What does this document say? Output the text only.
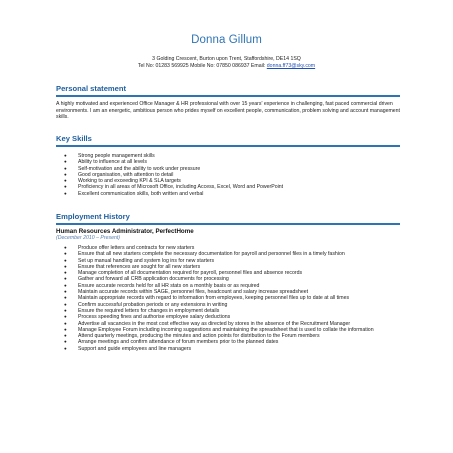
Donna Gillum
3 Golding Crescent, Burton upon Trent, Staffordshire, DE14 1SQ
Tel No: 01283 569925 Mobile No: 07850 086937 Email: donna.ff73@sky.com
Personal statement
A highly motivated and experienced Office Manager & HR professional with over 15 years' experience in challenging, fast paced commercial driven environments. I am an energetic, ambitious person who prides myself on excellent people, communication, problem solving and account management skills.
Key Skills
● Strong people management skills
● Ability to influence at all levels
● Self-motivation and the ability to work under pressure
● Good organisation, with attention to detail
● Working to and exceeding KPI & SLA targets
● Proficiency in all areas of Microsoft Office, including Access, Excel, Word and PowerPoint
● Excellent communication skills, both written and verbal
Employment History
Human Resources Administrator, PerfectHome
(December 2010 – Present)
● Produce offer letters and contracts for new starters
● Ensure that all new starters complete the necessary documentation for payroll and personnel files in a timely fashion
● Set up manual handling and system log ins for new starters
● Ensure that references are sought for all new starters
● Manage completion of all documentation required for payroll, personnel files and absence records
● Gather and forward all CRB application documents for processing
● Ensure accurate records held for all HR stats on a monthly basis or as required
● Maintain accurate records within SAGE, personnel files, headcount and salary increase spreadsheet
● Maintain appropriate records with regard to information from employees, keeping personnel files up to date at all times
● Confirm successful probation periods or any extensions in writing
● Ensure the required letters for changes in employment details
● Process speeding fines and authorise employee salary deductions
● Advertise all vacancies in the most cost effective way as directed by stores in the absence of the Recruitment Manager
● Manage Employee Forum including incoming suggestions and maintaining the spreadsheet that is used to collate the information
● Attend quarterly meetings, producing the minutes and action points for distribution to the Forum members
● Arrange meetings and confirm attendance of forum members prior to the planned dates
● Support and guide employees and line managers
